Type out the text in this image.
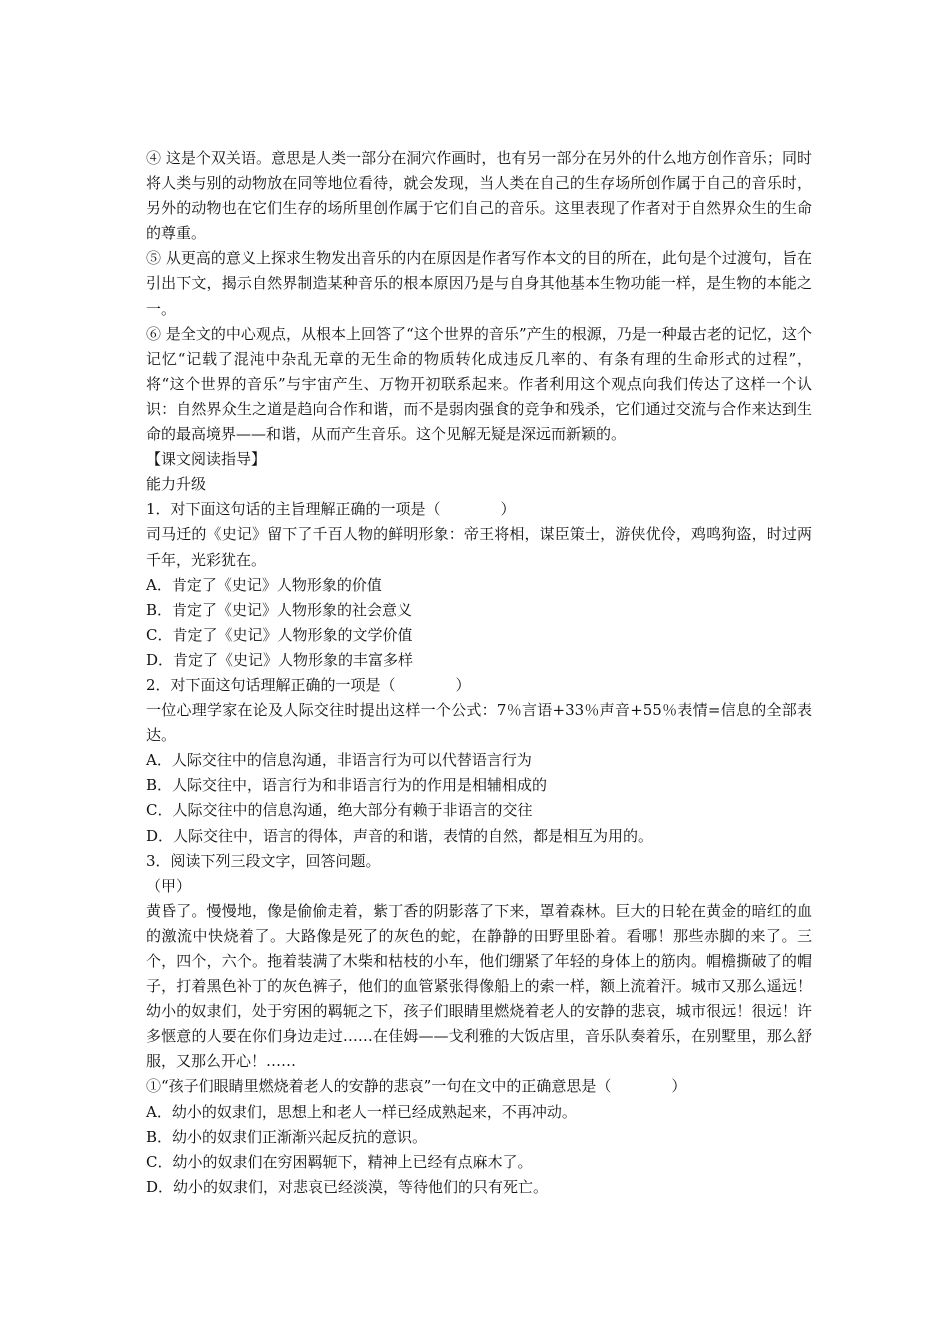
④ 这是个双关语。意思是人类一部分在洞穴作画时，也有另一部分在另外的什么地方创作音乐；同时将人类与别的动物放在同等地位看待，就会发现，当人类在自己的生存场所创作属于自己的音乐时，另外的动物也在它们生存的场所里创作属于它们自己的音乐。这里表现了作者对于自然界众生的生命的尊重。

⑤ 从更高的意义上探求生物发出音乐的内在原因是作者写作本文的目的所在，此句是个过渡句，旨在引出下文，揭示自然界制造某种音乐的根本原因乃是与自身其他基本生物功能一样，是生物的本能之一。

⑥ 是全文的中心观点，从根本上回答了“这个世界的音乐”产生的根源，乃是一种最古老的记忆，这个记忆“记载了混沌中杂乱无章的无生命的物质转化成违反几率的、有条有理的生命形式的过程”，将“这个世界的音乐”与宇宙产生、万物开初联系起来。作者利用这个观点向我们传达了这样一个认识：自然界众生之道是趋向合作和谐，而不是弱肉强食的竞争和残杀，它们通过交流与合作来达到生命的最高境界——和谐，从而产生音乐。这个见解无疑是深远而新颖的。

【课文阅读指导】

能力升级

1．对下面这句话的主旨理解正确的一项是（　　　　）

司马迁的《史记》留下了千百人物的鲜明形象：帝王将相，谋臣策士，游侠优伶，鸡鸣狗盗，时过两千年，光彩犹在。

A．肯定了《史记》人物形象的价值

B．肯定了《史记》人物形象的社会意义

C．肯定了《史记》人物形象的文学价值

D．肯定了《史记》人物形象的丰富多样

2．对下面这句话理解正确的一项是（　　　　）

一位心理学家在论及人际交往时提出这样一个公式：7％言语+33％声音+55％表情=信息的全部表达。

A．人际交往中的信息沟通，非语言行为可以代替语言行为

B．人际交往中，语言行为和非语言行为的作用是相辅相成的

C．人际交往中的信息沟通，绝大部分有赖于非语言的交往

D．人际交往中，语言的得体，声音的和谐，表情的自然，都是相互为用的。

3．阅读下列三段文字，回答问题。

（甲）

黄昏了。慢慢地，像是偷偷走着，紫丁香的阴影落了下来，罩着森林。巨大的日轮在黄金的暗红的血的激流中快烧着了。大路像是死了的灰色的蛇，在静静的田野里卧着。看哪！那些赤脚的来了。三个，四个，六个。拖着装满了木柴和枯枝的小车，他们绷紧了年轻的身体上的筋肉。帽檐撕破了的帽子，打着黑色补丁的灰色裤子，他们的血管紧张得像船上的索一样，额上流着汗。城市又那么遥远！幼小的奴隶们，处于穷困的羁轭之下，孩子们眼睛里燃烧着老人的安静的悲哀，城市很远！很远！许多惬意的人要在你们身边走过……在佳姆——戈利雅的大饭店里，音乐队奏着乐，在别墅里，那么舒服，又那么开心！……

①“孩子们眼睛里燃烧着老人的安静的悲哀”一句在文中的正确意思是（　　　　）

A．幼小的奴隶们，思想上和老人一样已经成熟起来，不再冲动。

B．幼小的奴隶们正渐渐兴起反抗的意识。

C．幼小的奴隶们在穷困羁轭下，精神上已经有点麻木了。

D．幼小的奴隶们，对悲哀已经淡漠，等待他们的只有死亡。
